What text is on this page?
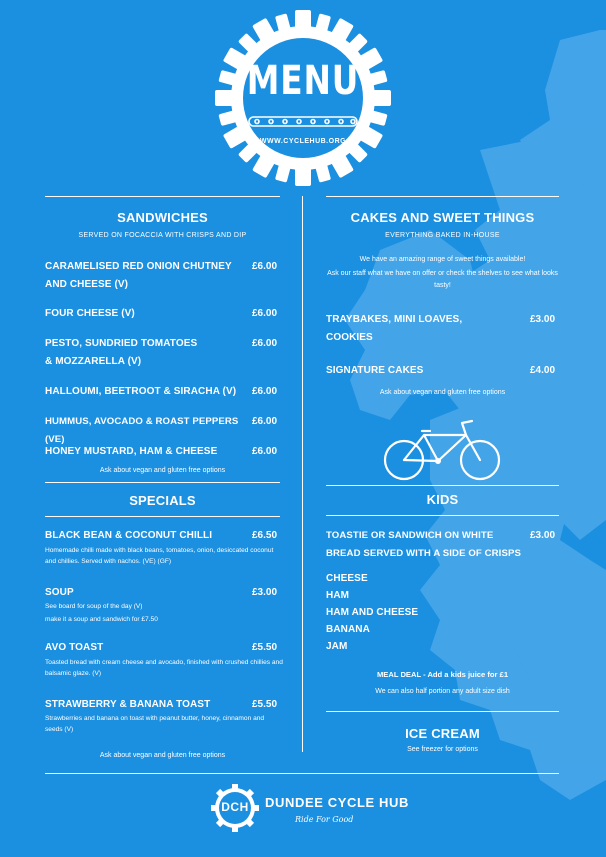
MENU
WWW.CYCLEHUB.ORG
SANDWICHES
SERVED ON FOCACCIA WITH CRISPS AND DIP
CARAMELISED RED ONION CHUTNEY AND CHEESE (V)
£6.00
FOUR CHEESE (V)	£6.00
PESTO, SUNDRIED TOMATOES & MOZZARELLA (V)
£6.00
HALLOUMI, BEETROOT & SIRACHA (V)	£6.00
HUMMUS, AVOCADO & ROAST PEPPERS (VE)
£6.00
HONEY MUSTARD, HAM & CHEESE	£6.00
Ask about vegan and gluten free options
SPECIALS
BLACK BEAN & COCONUT CHILLI	£6.50
Homemade chilli made with black beans, tomatoes, onion, desiccated coconut and chillies. Served with nachos. (VE) (GF)
SOUP	£3.00
See board for soup of the day (V)
make it a soup and sandwich for £7.50
AVO TOAST	£5.50
Toasted bread with cream cheese and avocado, finished with crushed chillies and balsamic glaze. (V)
STRAWBERRY & BANANA TOAST	£5.50
Strawberries and banana on toast with peanut butter, honey, cinnamon and seeds (V)
Ask about vegan and gluten free options
CAKES AND SWEET THINGS
EVERYTHING BAKED IN-HOUSE
We have an amazing range of sweet things available!
Ask our staff what we have on offer or check the shelves to see what looks tasty!
TRAYBAKES, MINI LOAVES, COOKIES
£3.00
SIGNATURE CAKES	£4.00
Ask about vegan and gluten free options
KIDS
TOASTIE OR SANDWICH ON WHITE BREAD SERVED WITH A SIDE OF CRISPS
£3.00
CHEESE
HAM
HAM AND CHEESE
BANANA
JAM
MEAL DEAL - Add a kids juice for £1
We can also half portion any adult size dish
ICE CREAM
See freezer for options
DCH	DUNDEE CYCLE HUB
Ride For Good
